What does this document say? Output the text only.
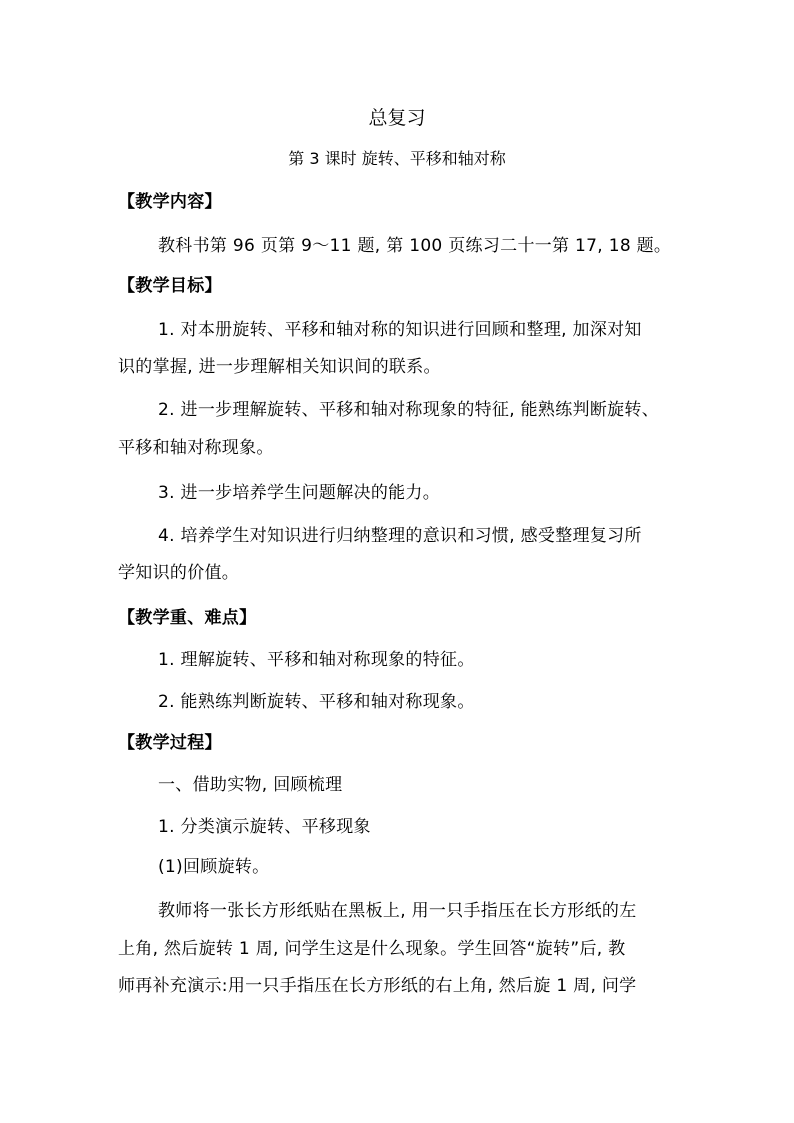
总复习
第 3 课时 旋转、平移和轴对称
【教学内容】
教科书第 96 页第 9～11 题, 第 100 页练习二十一第 17, 18 题。
【教学目标】
1. 对本册旋转、平移和轴对称的知识进行回顾和整理, 加深对知
识的掌握, 进一步理解相关知识间的联系。
2. 进一步理解旋转、平移和轴对称现象的特征, 能熟练判断旋转、
平移和轴对称现象。
3. 进一步培养学生问题解决的能力。
4. 培养学生对知识进行归纳整理的意识和习惯, 感受整理复习所
学知识的价值。
【教学重、难点】
1. 理解旋转、平移和轴对称现象的特征。
2. 能熟练判断旋转、平移和轴对称现象。
【教学过程】
一、借助实物, 回顾梳理
1. 分类演示旋转、平移现象
(1)回顾旋转。
教师将一张长方形纸贴在黑板上, 用一只手指压在长方形纸的左
上角, 然后旋转 1 周, 问学生这是什么现象。学生回答“旋转”后, 教
师再补充演示:用一只手指压在长方形纸的右上角, 然后旋 1 周, 问学
